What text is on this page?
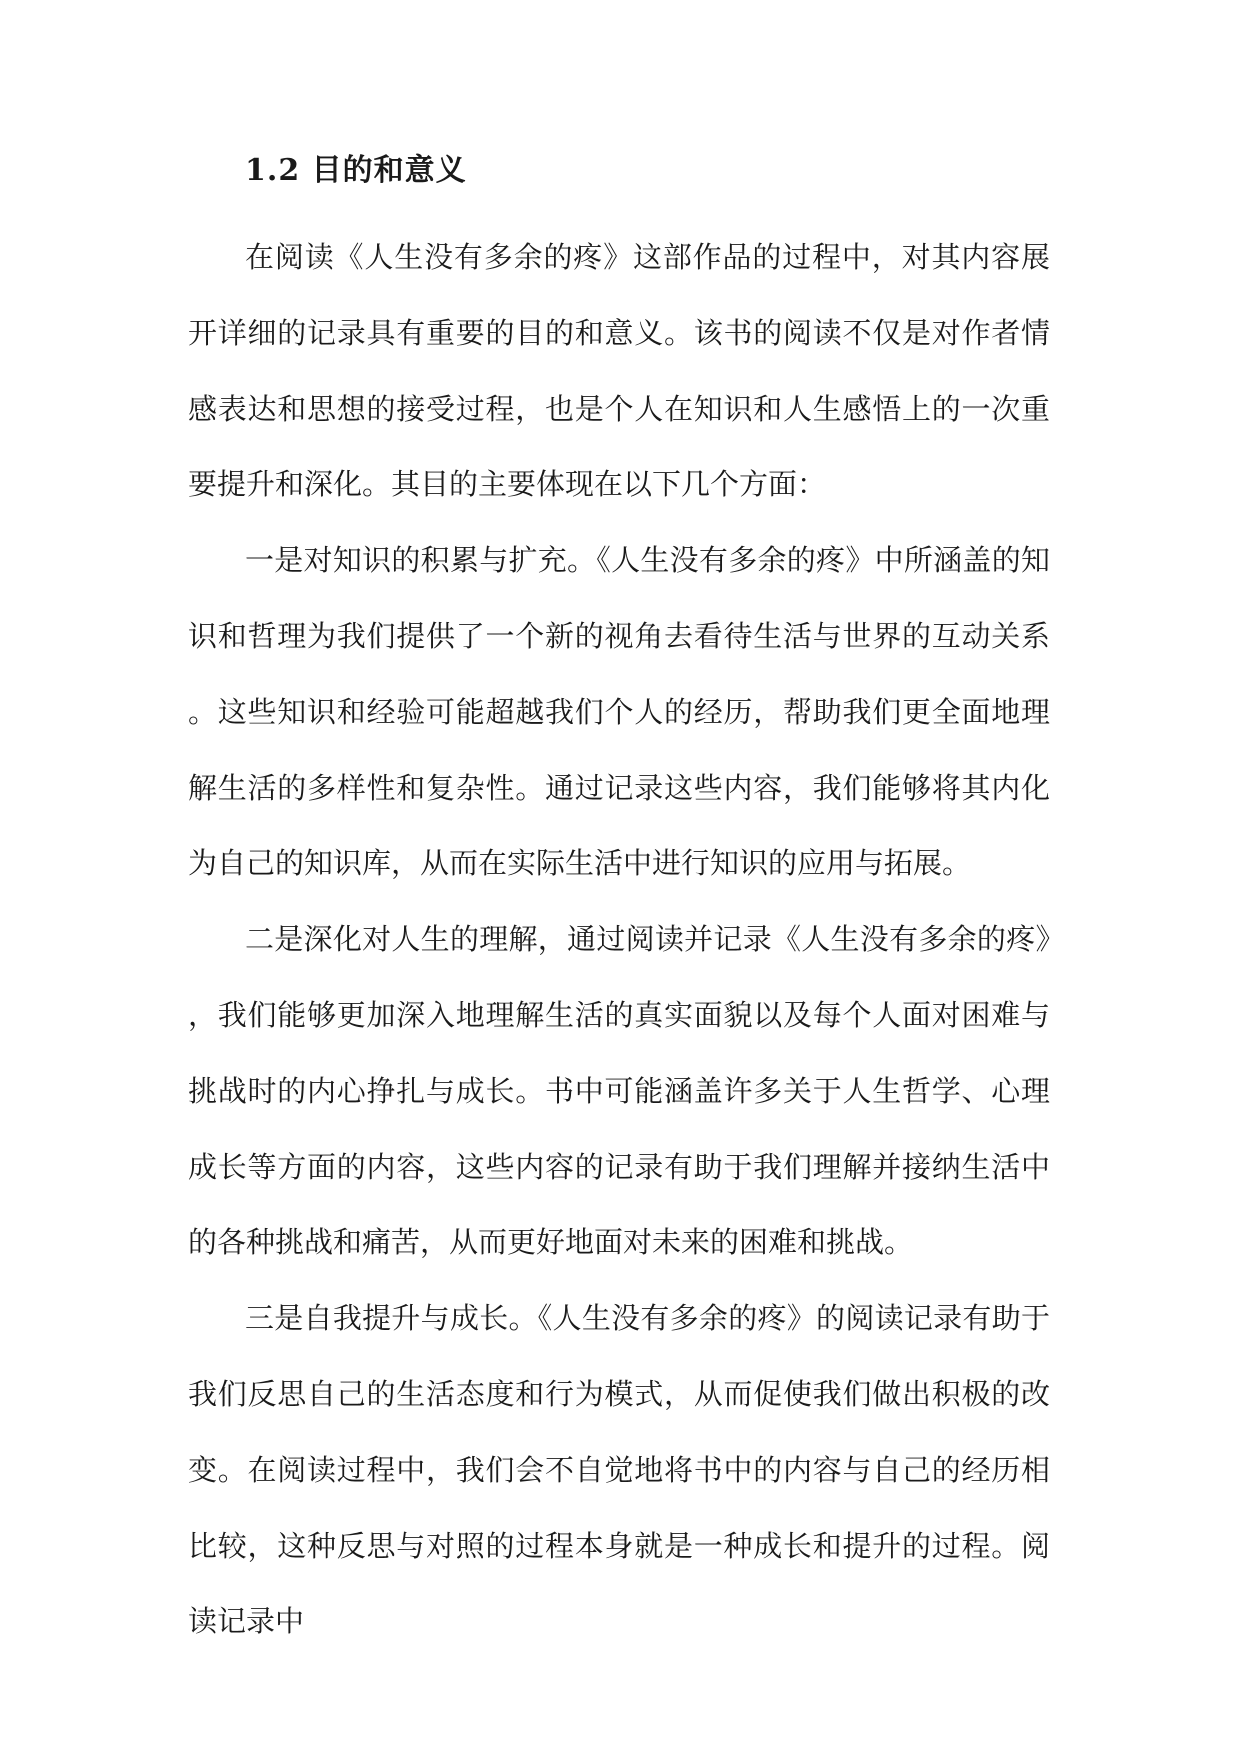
1.2 目的和意义

在阅读《人生没有多余的疼》这部作品的过程中，对其内容展开详细的记录具有重要的目的和意义。该书的阅读不仅是对作者情感表达和思想的接受过程，也是个人在知识和人生感悟上的一次重要提升和深化。其目的主要体现在以下几个方面：

一是对知识的积累与扩充。《人生没有多余的疼》中所涵盖的知识和哲理为我们提供了一个新的视角去看待生活与世界的互动关系。这些知识和经验可能超越我们个人的经历，帮助我们更全面地理解生活的多样性和复杂性。通过记录这些内容，我们能够将其内化为自己的知识库，从而在实际生活中进行知识的应用与拓展。

二是深化对人生的理解，通过阅读并记录《人生没有多余的疼》，我们能够更加深入地理解生活的真实面貌以及每个人面对困难与挑战时的内心挣扎与成长。书中可能涵盖许多关于人生哲学、心理成长等方面的内容，这些内容的记录有助于我们理解并接纳生活中的各种挑战和痛苦，从而更好地面对未来的困难和挑战。

三是自我提升与成长。《人生没有多余的疼》的阅读记录有助于我们反思自己的生活态度和行为模式，从而促使我们做出积极的改变。在阅读过程中，我们会不自觉地将书中的内容与自己的经历相比较，这种反思与对照的过程本身就是一种成长和提升的过程。阅读记录中
